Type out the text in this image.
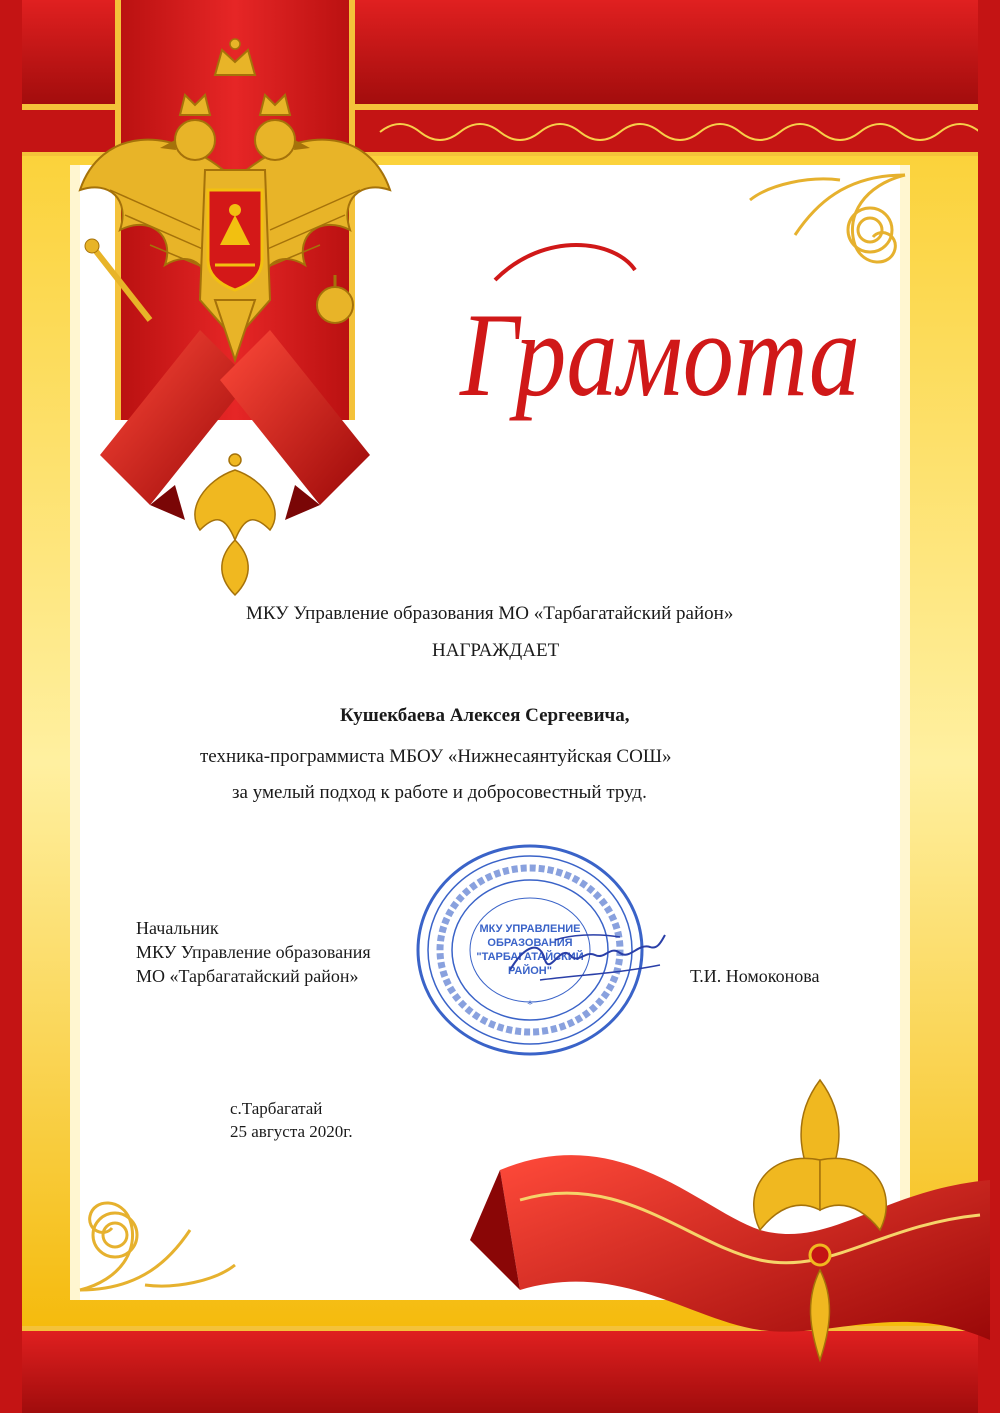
Грамота
МКУ Управление образования МО «Тарбагатайский район»
НАГРАЖДАЕТ
Кушекбаева Алексея Сергеевича,
техника-программиста МБОУ «Нижнесаянтуйская СОШ»
за умелый подход к работе и добросовестный труд.
Начальник
МКУ Управление образования
МО «Тарбагатайский район»	Т.И. Номоконова
МКУ УПРАВЛЕНИЕ
ОБРАЗОВАНИЯ
"ТАРБАГАТАЙСКИЙ
РАЙОН"
*
с.Тарбагатай
25 августа 2020г.
